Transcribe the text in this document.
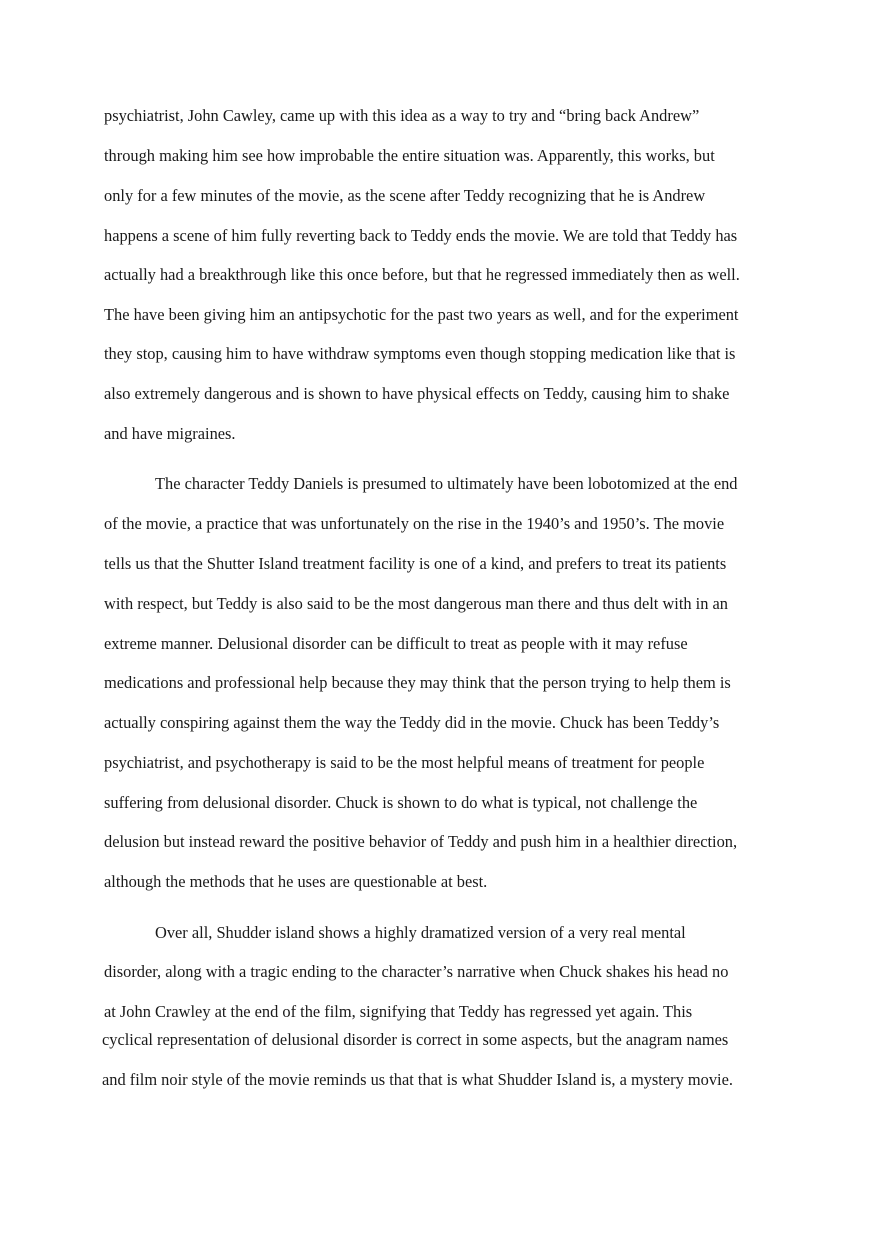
psychiatrist, John Cawley, came up with this idea as a way to try and “bring back Andrew”

through making him see how improbable the entire situation was. Apparently, this works, but

only for a few minutes of the movie, as the scene after Teddy recognizing that he is Andrew

happens a scene of him fully reverting back to Teddy ends the movie. We are told that Teddy has

actually had a breakthrough like this once before, but that he regressed immediately then as well.

The have been giving him an antipsychotic for the past two years as well, and for the experiment

they stop, causing him to have withdraw symptoms even though stopping medication like that is

also extremely dangerous and is shown to have physical effects on Teddy, causing him to shake

and have migraines.

The character Teddy Daniels is presumed to ultimately have been lobotomized at the end

of the movie, a practice that was unfortunately on the rise in the 1940’s and 1950’s. The movie

tells us that the Shutter Island treatment facility is one of a kind, and prefers to treat its patients

with respect, but Teddy is also said to be the most dangerous man there and thus delt with in an

extreme manner. Delusional disorder can be difficult to treat as people with it may refuse

medications and professional help because they may think that the person trying to help them is

actually conspiring against them the way the Teddy did in the movie. Chuck has been Teddy’s

psychiatrist, and psychotherapy is said to be the most helpful means of treatment for people

suffering from delusional disorder. Chuck is shown to do what is typical, not challenge the

delusion but instead reward the positive behavior of Teddy and push him in a healthier direction,

although the methods that he uses are questionable at best.

Over all, Shudder island shows a highly dramatized version of a very real mental

disorder, along with a tragic ending to the character’s narrative when Chuck shakes his head no

at John Crawley at the end of the film, signifying that Teddy has regressed yet again. This

cyclical representation of delusional disorder is correct in some aspects, but the anagram names

and film noir style of the movie reminds us that that is what Shudder Island is, a mystery movie.
